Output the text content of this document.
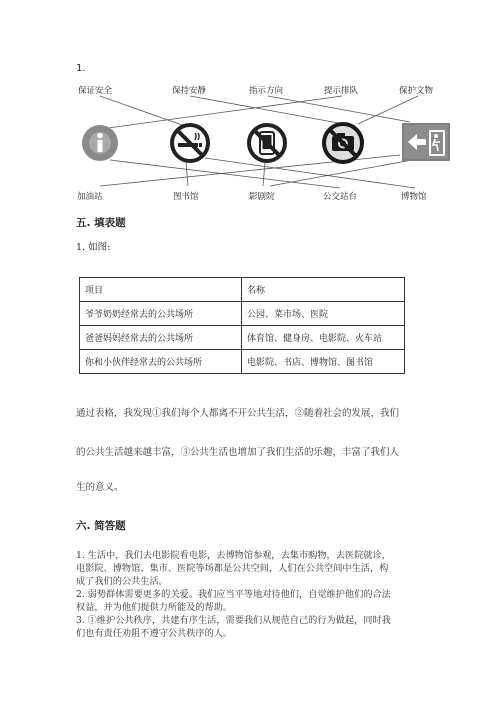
1.
保证安全	保持安静	指示方向	提示排队	保护文物
加油站	图书馆	影剧院	公交站台	博物馆
五. 填表题
1. 如图:
项目	名称
爷爷奶奶经常去的公共场所	公园、菜市场、医院
爸爸妈妈经常去的公共场所	体育馆、健身房、电影院、火车站
你和小伙伴经常去的公共场所	电影院、书店、博物馆、图书馆
通过表格，我发现①我们每个人都离不开公共生活，②随着社会的发展，我们
的公共生活越来越丰富，③公共生活也增加了我们生活的乐趣，丰富了我们人
生的意义。
六. 简答题
1. 生活中，我们去电影院看电影，去博物馆参观，去集市购物，去医院就诊，
电影院、博物馆、集市、医院等场都是公共空间，人们在公共空间中生活，构
成了我们的公共生活。
2. 弱势群体需要更多的关爱。我们应当平等地对待他们，自觉维护他们的合法
权益，并为他们提供力所能及的帮助。
3. ①维护公共秩序，共建有序生活，需要我们从规范自己的行为做起，同时我
们也有责任劝阻不遵守公共秩序的人。
